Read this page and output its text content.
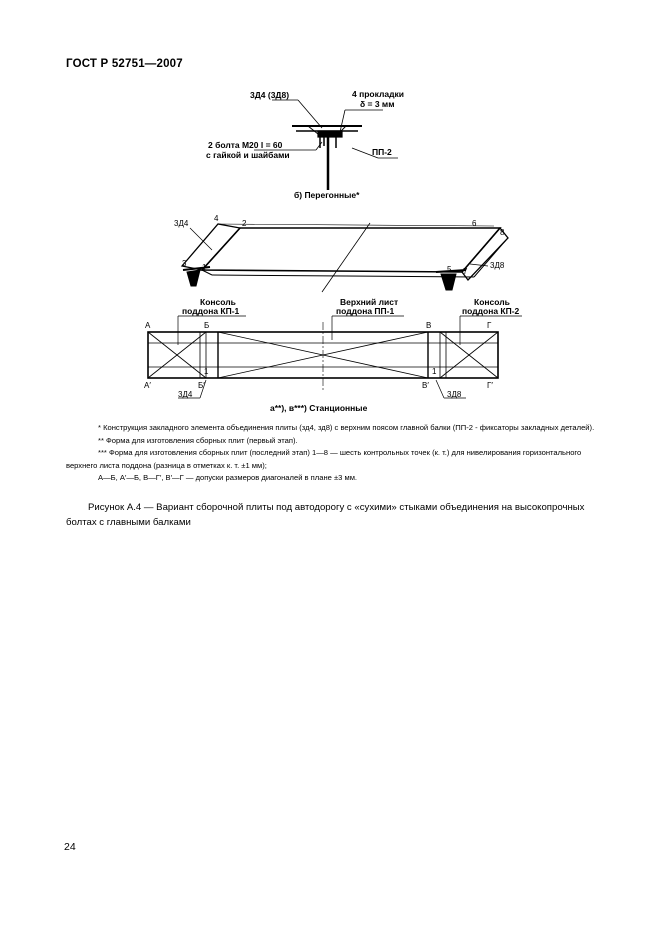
ГОСТ Р 52751—2007
3Д4 (3Д8)	4 прокладки
δ = 3 мм
2 болта М20 l = 60
с гайкой и шайбами	ПП-2
б) Перегонные*
3Д4
3Д8
1
2
3
4
5
6
7
8
Консоль
поддона КП-1
Верхний лист
поддона ПП-1
Консоль
поддона КП-2
А	Б	В	Г
А′	Б′	В′	Г′
1	1
3Д4	3Д8
а**), в***) Станционные

* Конструкция закладного элемента объединения плиты (зд4, зд8) с верхним поясом главной балки (ПП-2 - фиксаторы закладных деталей).

** Форма для изготовления сборных плит (первый этап).

*** Форма для изготовления сборных плит (последний этап) 1—8 — шесть контрольных точек (к. т.) для нивелирования горизонтального верхнего листа поддона (разница в отметках к. т. ±1 мм);

А—Б, А′—Б, В—Г′, В′—Г — допуски размеров диагоналей в плане ±3 мм.

Рисунок А.4 — Вариант сборочной плиты под автодорогу с «сухими» стыками объединения на высокопрочных болтах с главными балками
24
